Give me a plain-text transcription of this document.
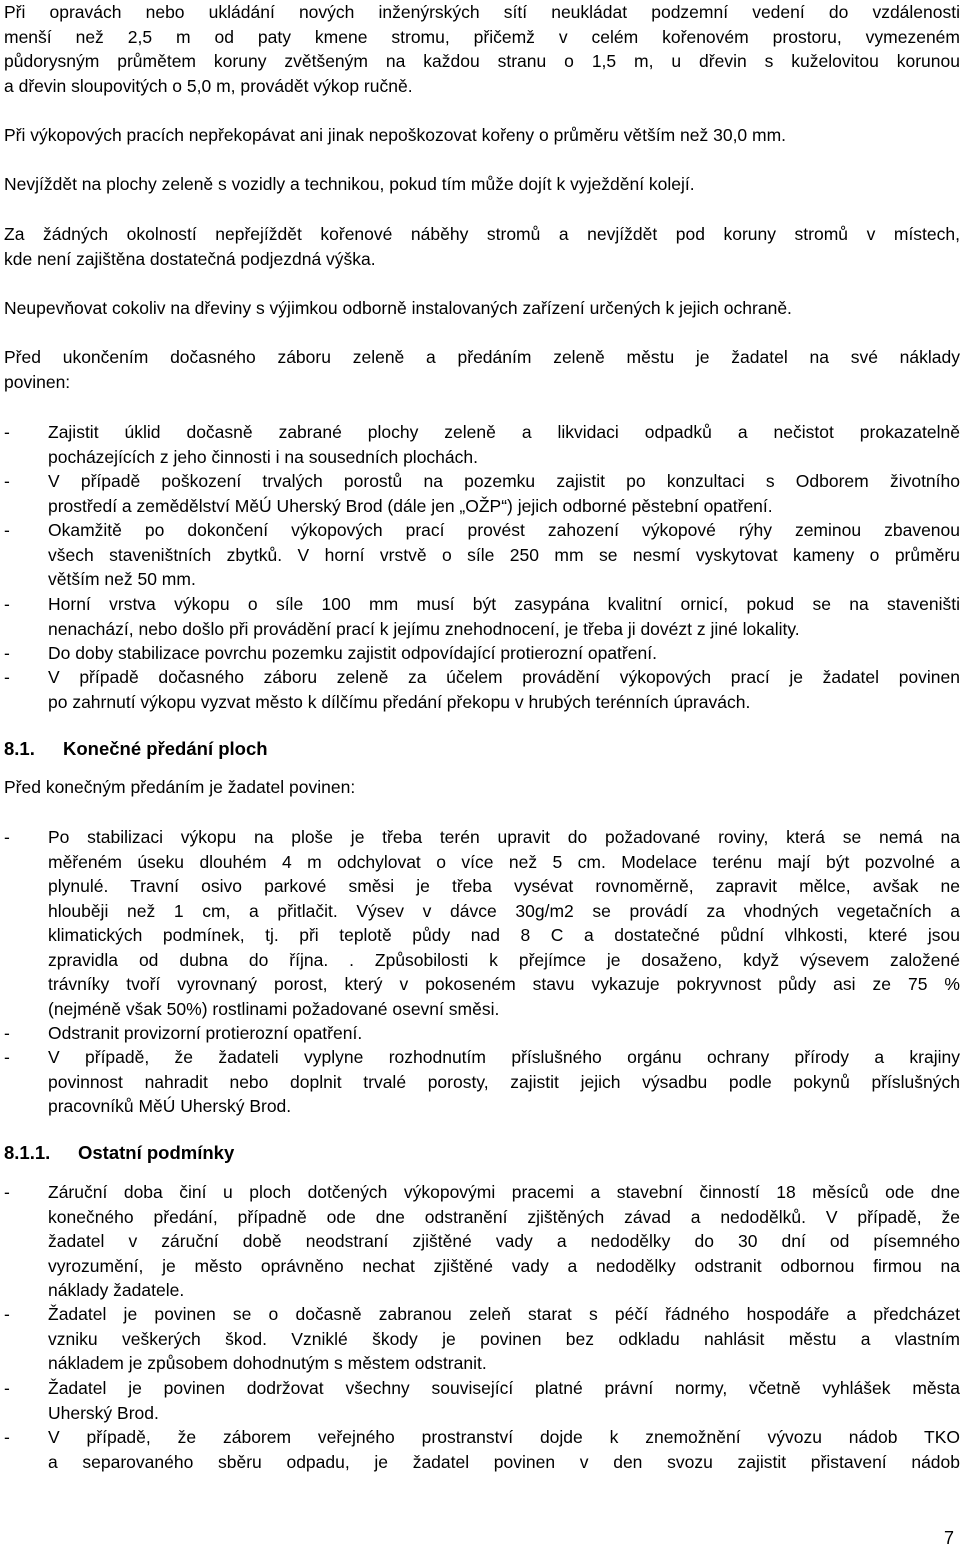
Při opravách nebo ukládání nových inženýrských sítí neukládat podzemní vedení do vzdálenosti
menší než 2,5 m od paty kmene stromu, přičemž v celém kořenovém prostoru, vymezeném
půdorysným průmětem koruny zvětšeným na každou stranu o 1,5 m, u dřevin s kuželovitou korunou
a dřevin sloupovitých o 5,0 m, provádět výkop ručně.
Při výkopových pracích nepřekopávat ani jinak nepoškozovat kořeny o průměru větším než 30,0 mm.
Nevjíždět na plochy zeleně s vozidly a technikou, pokud tím může dojít k vyježdění kolejí.
Za žádných okolností nepřejíždět kořenové náběhy stromů a nevjíždět pod koruny stromů v místech,
kde není zajištěna dostatečná podjezdná výška.
Neupevňovat cokoliv na dřeviny s výjimkou odborně instalovaných zařízení určených k jejich ochraně.
Před ukončením dočasného záboru zeleně a předáním zeleně městu je žadatel na své náklady
povinen:
- Zajistit úklid dočasně zabrané plochy zeleně a likvidaci odpadků a nečistot prokazatelně
pocházejících z jeho činnosti i na sousedních plochách.
- V případě poškození trvalých porostů na pozemku zajistit po konzultaci s Odborem životního
prostředí a zemědělství MěÚ Uherský Brod (dále jen „OŽP“) jejich odborné pěstební opatření.
- Okamžitě po dokončení výkopových prací provést zahození výkopové rýhy zeminou zbavenou
všech staveništních zbytků. V horní vrstvě o síle 250 mm se nesmí vyskytovat kameny o průměru
větším než 50 mm.
- Horní vrstva výkopu o síle 100 mm musí být zasypána kvalitní ornicí, pokud se na staveništi
nenachází, nebo došlo při provádění prací k jejímu znehodnocení, je třeba ji dovézt z jiné lokality.
- Do doby stabilizace povrchu pozemku zajistit odpovídající protierozní opatření.
- V případě dočasného záboru zeleně za účelem provádění výkopových prací je žadatel povinen
po zahrnutí výkopu vyzvat město k dílčímu předání překopu v hrubých terénních úpravách.
8.1. Konečné předání ploch
Před konečným předáním je žadatel povinen:
- Po stabilizaci výkopu na ploše je třeba terén upravit do požadované roviny, která se nemá na
měřeném úseku dlouhém 4 m odchylovat o více než 5 cm. Modelace terénu mají být pozvolné a
plynulé. Travní osivo parkové směsi je třeba vysévat rovnoměrně, zapravit mělce, avšak ne
hlouběji než 1 cm, a přitlačit. Výsev v dávce 30g/m2 se provádí za vhodných vegetačních a
klimatických podmínek, tj. při teplotě půdy nad 8 C a dostatečné půdní vlhkosti, které jsou
zpravidla od dubna do října. . Způsobilosti k přejímce je dosaženo, když výsevem založené
trávníky tvoří vyrovnaný porost, který v pokoseném stavu vykazuje pokryvnost půdy asi ze 75 %
(nejméně však 50%) rostlinami požadované osevní směsi.
- Odstranit provizorní protierozní opatření.
- V případě, že žadateli vyplyne rozhodnutím příslušného orgánu ochrany přírody a krajiny
povinnost nahradit nebo doplnit trvalé porosty, zajistit jejich výsadbu podle pokynů příslušných
pracovníků MěÚ Uherský Brod.
8.1.1. Ostatní podmínky
- Záruční doba činí u ploch dotčených výkopovými pracemi a stavební činností 18 měsíců ode dne
konečného předání, případně ode dne odstranění zjištěných závad a nedodělků. V případě, že
žadatel v záruční době neodstraní zjištěné vady a nedodělky do 30 dní od písemného
vyrozumění, je město oprávněno nechat zjištěné vady a nedodělky odstranit odbornou firmou na
náklady žadatele.
- Žadatel je povinen se o dočasně zabranou zeleň starat s péčí řádného hospodáře a předcházet
vzniku veškerých škod. Vzniklé škody je povinen bez odkladu nahlásit městu a vlastním
nákladem je způsobem dohodnutým s městem odstranit.
- Žadatel je povinen dodržovat všechny související platné právní normy, včetně vyhlášek města
Uherský Brod.
- V případě, že záborem veřejného prostranství dojde k znemožnění vývozu nádob TKO
a separovaného sběru odpadu, je žadatel povinen v den svozu zajistit přistavení nádob
7
